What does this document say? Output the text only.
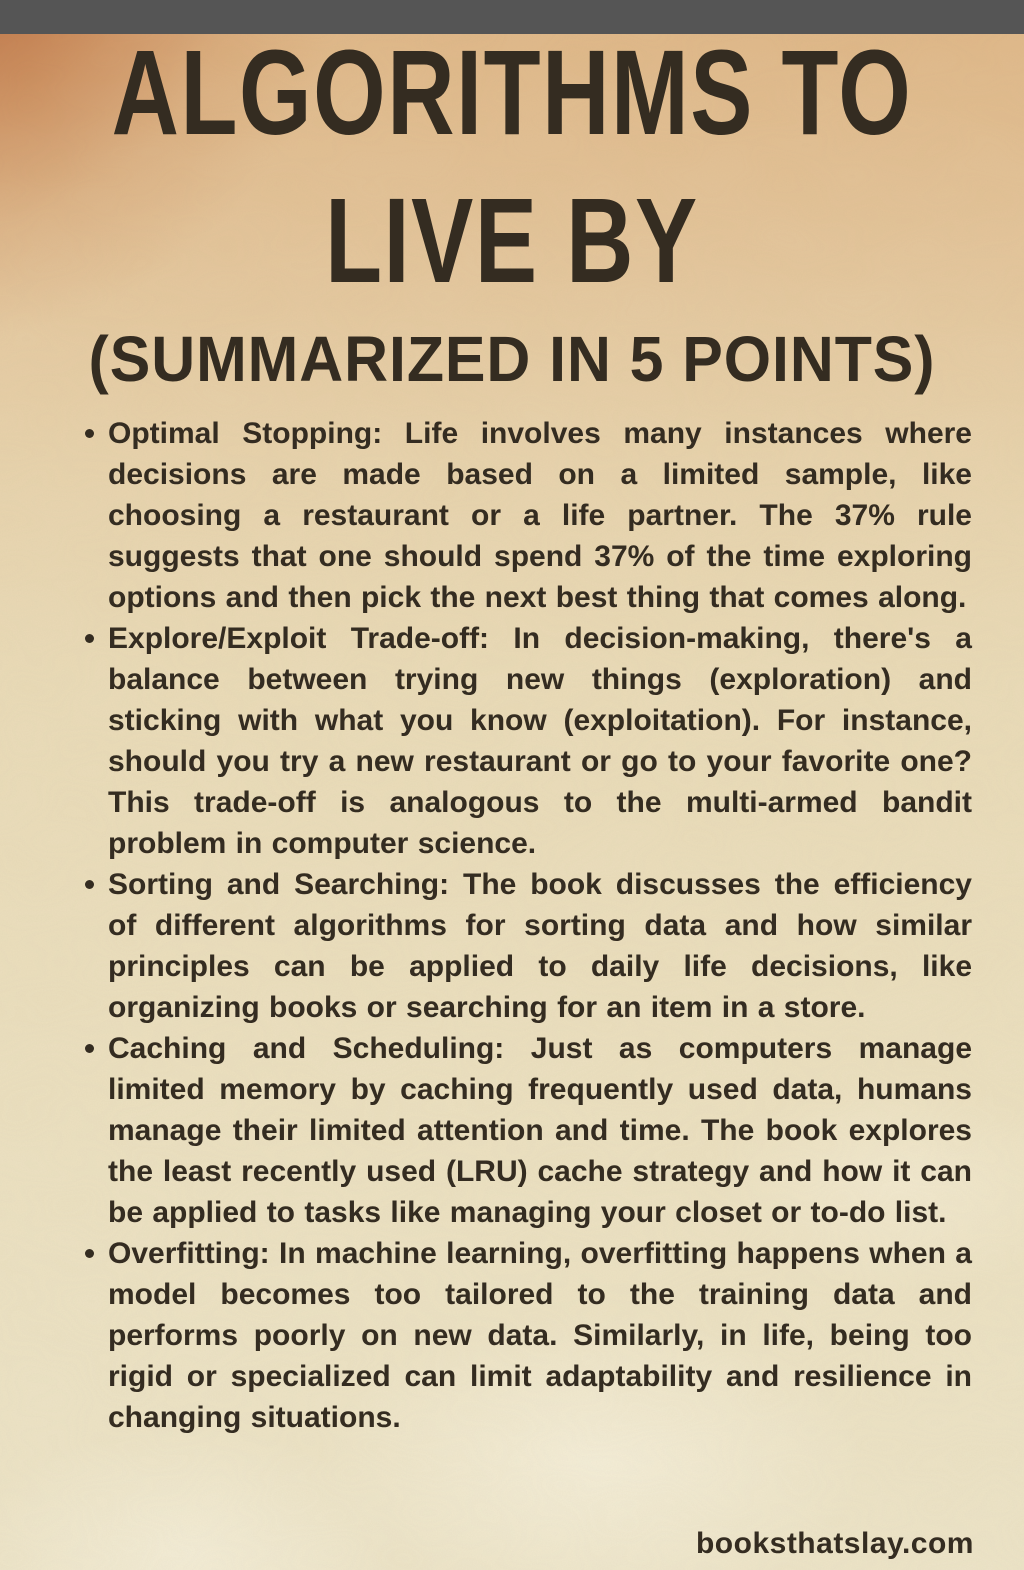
ALGORITHMS TO
LIVE BY
(SUMMARIZED IN 5 POINTS)
Optimal Stopping: Life involves many instances where decisions are made based on a limited sample, like choosing a restaurant or a life partner. The 37% rule suggests that one should spend 37% of the time exploring options and then pick the next best thing that comes along.
Explore/Exploit Trade-off: In decision-making, there's a balance between trying new things (exploration) and sticking with what you know (exploitation). For instance, should you try a new restaurant or go to your favorite one? This trade-off is analogous to the multi-armed bandit problem in computer science.
Sorting and Searching: The book discusses the efficiency of different algorithms for sorting data and how similar principles can be applied to daily life decisions, like organizing books or searching for an item in a store.
Caching and Scheduling: Just as computers manage limited memory by caching frequently used data, humans manage their limited attention and time. The book explores the least recently used (LRU) cache strategy and how it can be applied to tasks like managing your closet or to-do list.
Overfitting: In machine learning, overfitting happens when a model becomes too tailored to the training data and performs poorly on new data. Similarly, in life, being too rigid or specialized can limit adaptability and resilience in changing situations.
booksthatslay.com
